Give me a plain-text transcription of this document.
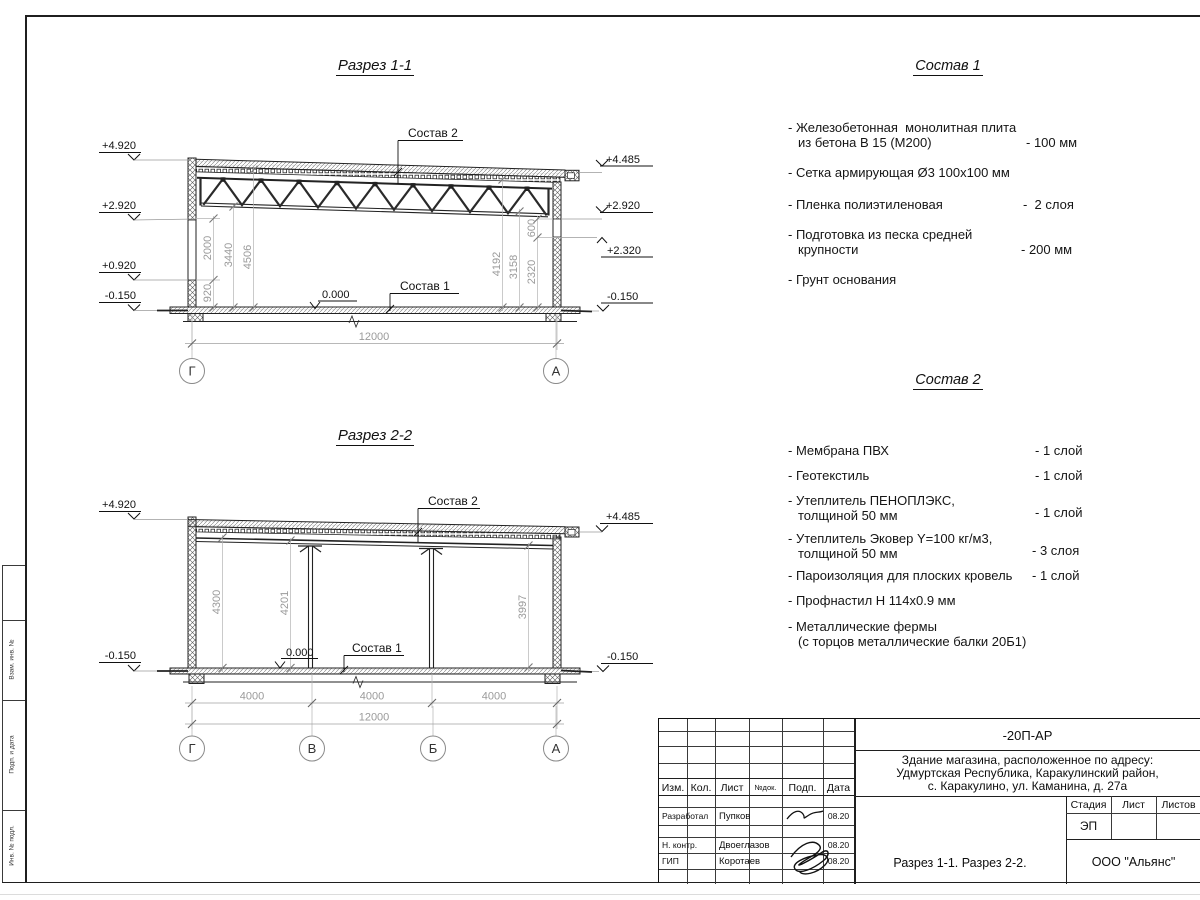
Взам. инв. №
Подп. и дата
Инв. № подл.
Разрез 1-1
Разрез 2-2
Состав 1
Состав 2
- Железобетонная  монолитная плита
из бетона В 15 (М200)	- 100 мм
- Сетка армирующая Ø3 100x100 мм
- Пленка полиэтиленовая	-  2 слоя
- Подготовка из песка средней
крупности	- 200 мм
- Грунт основания
- Мембрана ПВХ	- 1 слой
- Геотекстиль	- 1 слой
- Утеплитель ПЕНОПЛЭКС,
толщиной 50 мм	- 1 слой
- Утеплитель Эковер Y=100 кг/м3,
толщиной 50 мм	- 3 слоя
- Пароизоляция для плоских кровель - 1 слой
- Профнастил Н 114x0.9 мм
- Металлические фермы
(с торцов металлические балки 20Б1)
+4.920
+2.920
+0.920
-0.150
+4.485
+2.920
+2.320
-0.150
920
2000 3440 4506	4192 3158 2320
600
12000
Г	А
Состав 2
Состав 1
0.000
+4.920
-0.150
+4.485
-0.150
4300	4201	3997
4000	4000	4000
12000
Г	В	Б	А
Состав 2
Состав 1
0.000
Изм. Кол. Лист	№док.	Подп. Дата
Разработал Пупков	08.20
Н. контр. Двоеглазов	08.20
ГИП	Коротаев	08.20
-20П-АР
Здание магазина, расположенное по адресу:
Удмуртская Республика, Каракулинский район,
с. Каракулино, ул. Каманина, д. 27а
Стадия	Лист	Листов
ЭП
Разрез 1-1. Разрез 2-2.	ООО "Альянс"
